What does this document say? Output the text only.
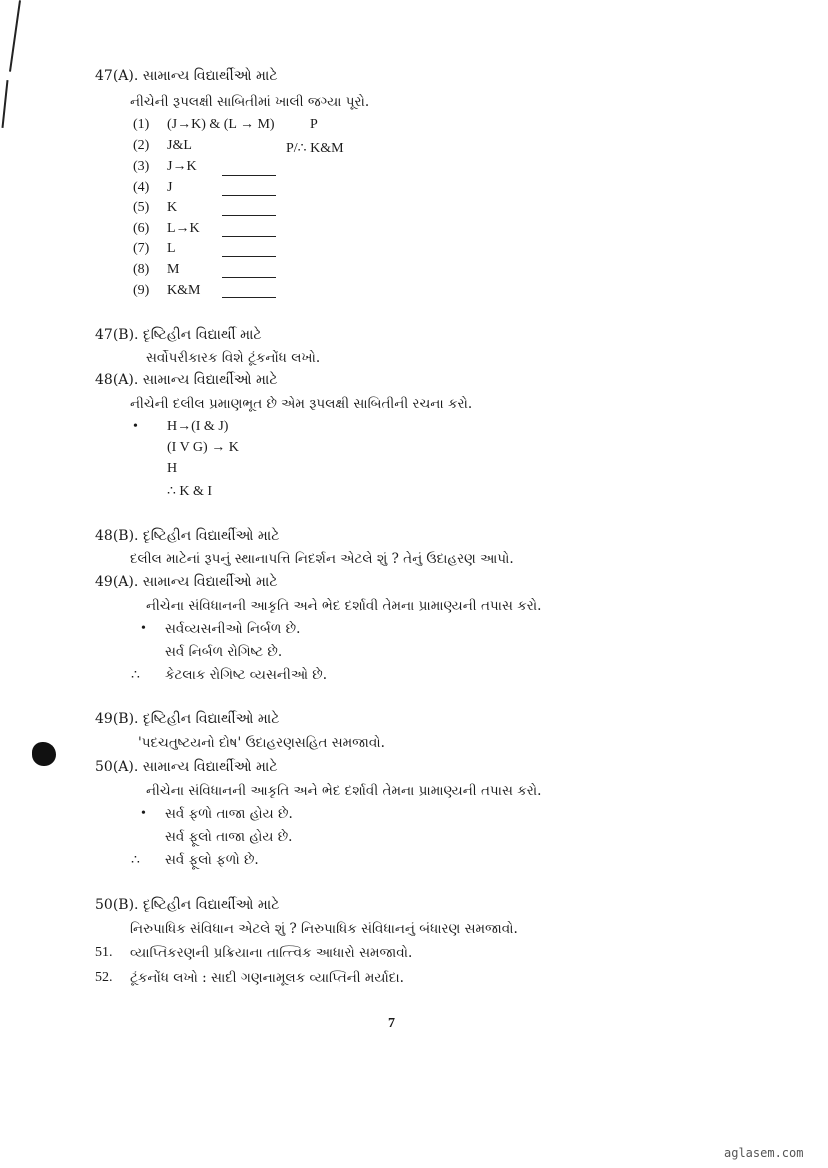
47(A). સામાન્ય વિદ્યાર્થીઓ માટે
નીચેની રૂપલક્ષી સાબિતીમાં ખાલી જગ્યા પૂરો.
(1) (J→K) & (L → M)	P
(2) J&L	P/∴ K&M
(3) J→K
(4) J
(5) K
(6) L→K
(7) L
(8) M
(9) K&M
47(B). દૃષ્ટિહીન વિદ્યાર્થી માટે
સર્વોપરીકારક વિશે ટૂંકનોંધ લખો.
48(A). સામાન્ય વિદ્યાર્થીઓ માટે
નીચેની દલીલ પ્રમાણભૂત છે એમ રૂપલક્ષી સાબિતીની રચના કરો.
• H→(I & J)
(I V G) → K
H
∴ K & I
48(B). દૃષ્ટિહીન વિદ્યાર્થીઓ માટે
દલીલ માટેનાં રૂપનું સ્થાનાપત્તિ નિદર્શન એટલે શું ? તેનું ઉદાહરણ આપો.
49(A). સામાન્ય વિદ્યાર્થીઓ માટે
નીચેના સંવિધાનની આકૃતિ અને ભેદ દર્શાવી તેમના પ્રામાણ્યની તપાસ કરો.
• સર્વવ્યસનીઓ નિર્બળ છે.
સર્વ નિર્બળ રોગિષ્ટ છે.
∴ કેટલાક રોગિષ્ટ વ્યસનીઓ છે.
49(B). દૃષ્ટિહીન વિદ્યાર્થીઓ માટે
'પદચતુષ્ટયનો દોષ' ઉદાહરણસહિત સમજાવો.
50(A). સામાન્ય વિદ્યાર્થીઓ માટે
નીચેના સંવિધાનની આકૃતિ અને ભેદ દર્શાવી તેમના પ્રામાણ્યની તપાસ કરો.
• સર્વ ફળો તાજા હોય છે.
સર્વ ફૂલો તાજા હોય છે.
∴ સર્વ ફૂલો ફળો છે.
50(B). દૃષ્ટિહીન વિદ્યાર્થીઓ માટે
નિરુપાધિક સંવિધાન એટલે શું ? નિરુપાધિક સંવિધાનનું બંધારણ સમજાવો.
51. વ્યાપ્તિકરણની પ્રક્રિયાના તાત્ત્વિક આધારો સમજાવો.
52. ટૂંકનોંધ લખો : સાદી ગણનામૂલક વ્યાપ્તિની મર્યાદા.
7
aglasem.com
